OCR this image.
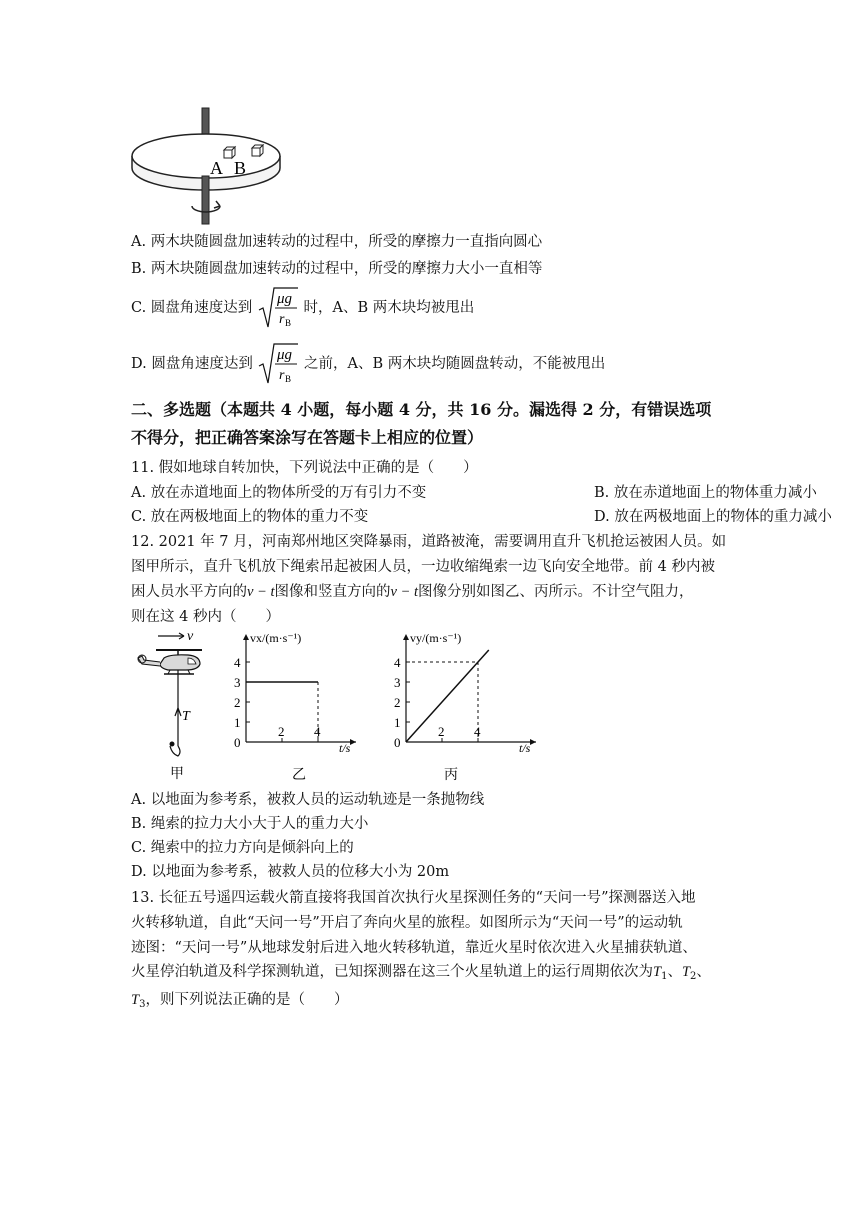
A B
A. 两木块随圆盘加速转动的过程中，所受的摩擦力一直指向圆心
B. 两木块随圆盘加速转动的过程中，所受的摩擦力大小一直相等
C. 圆盘角速度达到
μg
r B
时，A、B 两木块均被甩出
D. 圆盘角速度达到
μg
r B
之前，A、B 两木块均随圆盘转动，不能被甩出
二、多选题（本题共 4 小题，每小题 4 分，共 16 分。漏选得 2 分，有错误选项
不得分，把正确答案涂写在答题卡上相应的位置）
11. 假如地球自转加快，下列说法中正确的是（　　）
A. 放在赤道地面上的物体所受的万有引力不变	B. 放在赤道地面上的物体重力减小
C. 放在两极地面上的物体的重力不变	D. 放在两极地面上的物体的重力减小
12. 2021 年 7 月，河南郑州地区突降暴雨，道路被淹，需要调用直升飞机抢运被困人员。如
图甲所示，直升飞机放下绳索吊起被困人员，一边收缩绳索一边飞向安全地带。前 4 秒内被
困人员水平方向的v − t图像和竖直方向的v − t图像分别如图乙、丙所示。不计空气阻力，
则在这 4 秒内（　　）
v
T
甲
vx/(m·s⁻¹)
t/s
乙
0
1
2
3
4
2 4
vy/(m·s⁻¹)
t/s
丙
0
1
2
3
4
2 4
A. 以地面为参考系，被救人员的运动轨迹是一条抛物线
B. 绳索的拉力大小大于人的重力大小
C. 绳索中的拉力方向是倾斜向上的
D. 以地面为参考系，被救人员的位移大小为 20m
13. 长征五号遥四运载火箭直接将我国首次执行火星探测任务的“天问一号”探测器送入地
火转移轨道，自此“天问一号”开启了奔向火星的旅程。如图所示为“天问一号”的运动轨
迹图：“天问一号”从地球发射后进入地火转移轨道，靠近火星时依次进入火星捕获轨道、
火星停泊轨道及科学探测轨道，已知探测器在这三个火星轨道上的运行周期依次为$T_1$、$T_2$、
$T_3$，则下列说法正确的是（　　）
